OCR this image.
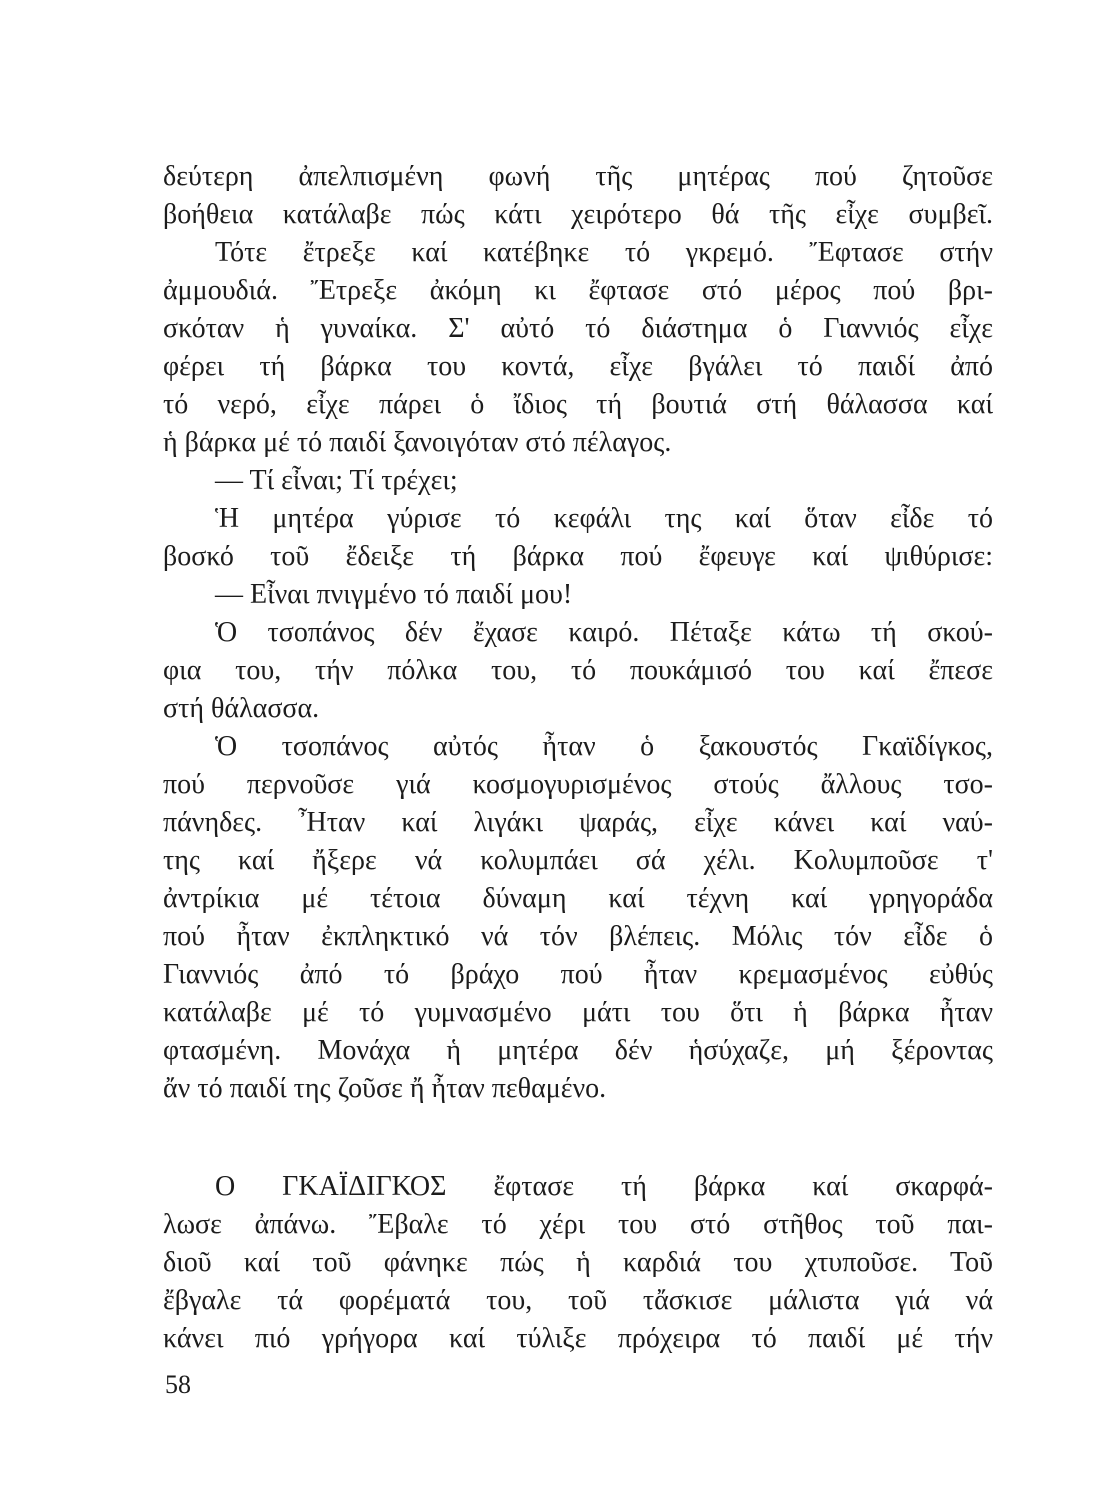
δεύτερη ἀπελπισμένη φωνή τῆς μητέρας πού ζητοῦσε
βοήθεια κατάλαβε πώς κάτι χειρότερο θά τῆς εἶχε συμβεῖ.
Τότε ἔτρεξε καί κατέβηκε τό γκρεμό. Ἔφτασε στήν
ἀμμουδιά. Ἔτρεξε ἀκόμη κι ἔφτασε στό μέρος πού βρι-
σκόταν ἡ γυναίκα. Σ' αὐτό τό διάστημα ὁ Γιαννιός εἶχε
φέρει τή βάρκα του κοντά, εἶχε βγάλει τό παιδί ἀπό
τό νερό, εἶχε πάρει ὁ ἴδιος τή βουτιά στή θάλασσα καί
ἡ βάρκα μέ τό παιδί ξανοιγόταν στό πέλαγος.
— Τί εἶναι; Τί τρέχει;
Ἡ μητέρα γύρισε τό κεφάλι της καί ὅταν εἶδε τό
βοσκό τοῦ ἔδειξε τή βάρκα πού ἔφευγε καί ψιθύρισε:
— Εἶναι πνιγμένο τό παιδί μου!
Ὁ τσοπάνος δέν ἔχασε καιρό. Πέταξε κάτω τή σκού-
φια του, τήν πόλκα του, τό πουκάμισό του καί ἔπεσε
στή θάλασσα.
Ὁ τσοπάνος αὐτός ἦταν ὁ ξακουστός Γκαϊδίγκος,
πού περνοῦσε γιά κοσμογυρισμένος στούς ἄλλους τσο-
πάνηδες. Ἦταν καί λιγάκι ψαράς, εἶχε κάνει καί ναύ-
της καί ἤξερε νά κολυμπάει σά χέλι. Κολυμποῦσε τ'
ἀντρίκια μέ τέτοια δύναμη καί τέχνη καί γρηγοράδα
πού ἦταν ἐκπληκτικό νά τόν βλέπεις. Μόλις τόν εἶδε ὁ
Γιαννιός ἀπό τό βράχο πού ἦταν κρεμασμένος εὐθύς
κατάλαβε μέ τό γυμνασμένο μάτι του ὅτι ἡ βάρκα ἦταν
φτασμένη. Μονάχα ἡ μητέρα δέν ἡσύχαζε, μή ξέροντας
ἄν τό παιδί της ζοῦσε ἤ ἦταν πεθαμένο.
Ο ΓΚΑΪΔΙΓΚΟΣ ἔφτασε τή βάρκα καί σκαρφά-
λωσε ἀπάνω. Ἔβαλε τό χέρι του στό στῆθος τοῦ παι-
διοῦ καί τοῦ φάνηκε πώς ἡ καρδιά του χτυποῦσε. Τοῦ
ἔβγαλε τά φορέματά του, τοῦ τἄσκισε μάλιστα γιά νά
κάνει πιό γρήγορα καί τύλιξε πρόχειρα τό παιδί μέ τήν
58
